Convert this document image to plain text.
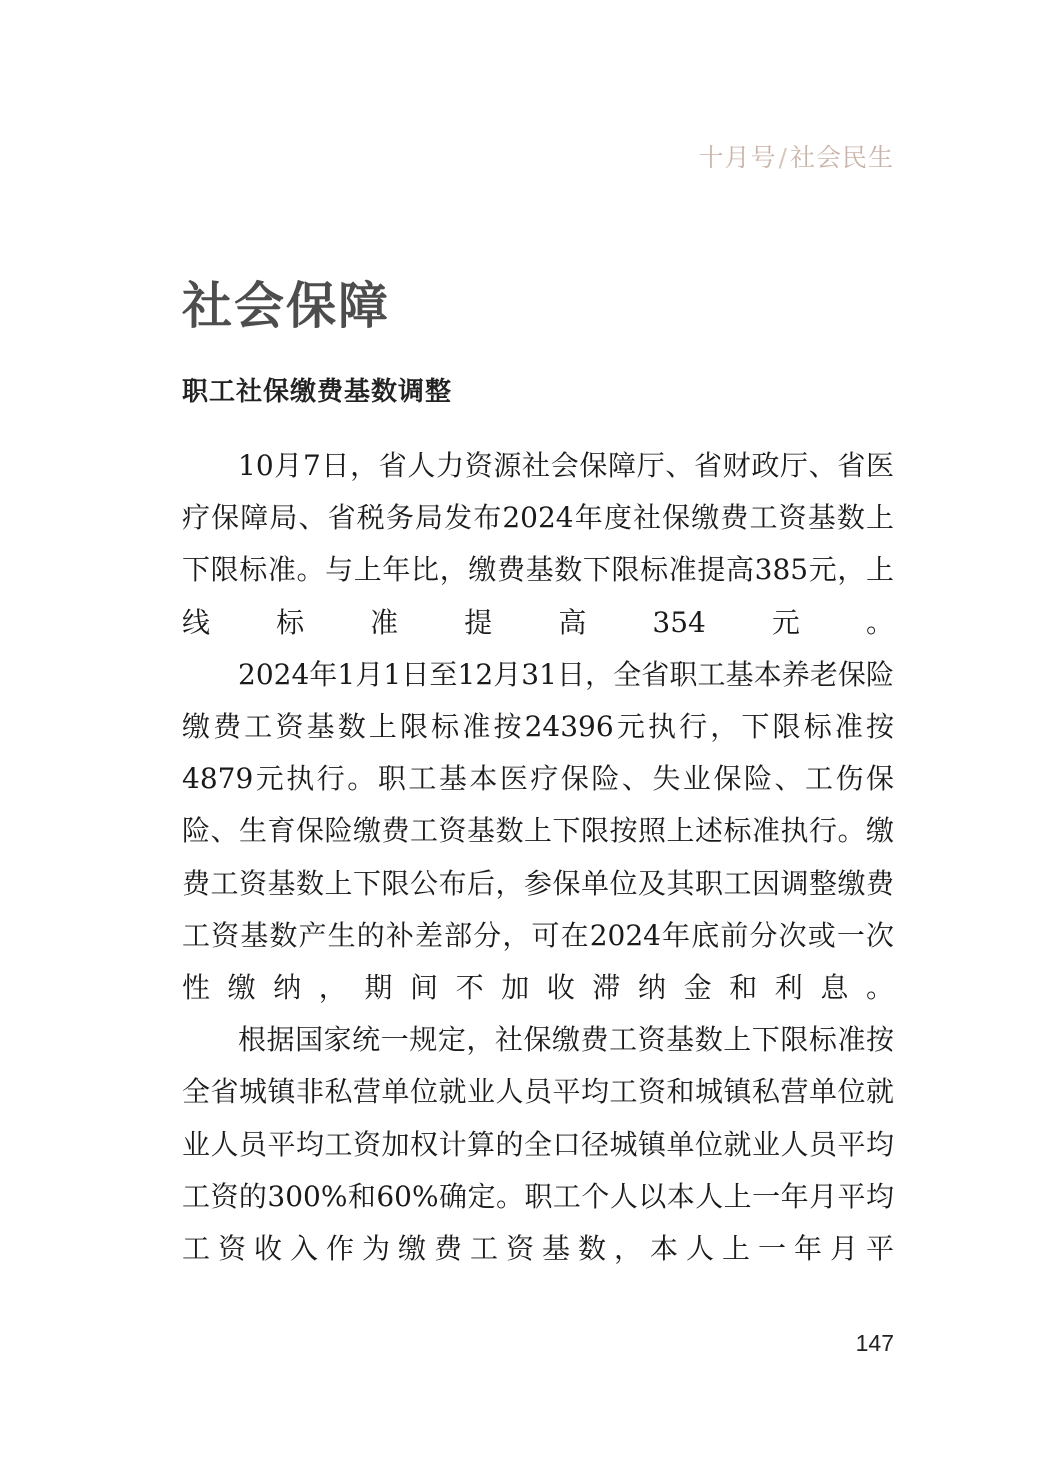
十月号/社会民生
社会保障
职工社保缴费基数调整

10月7日，省人力资源社会保障厅、省财政厅、省医疗保障局、省税务局发布2024年度社保缴费工资基数上下限标准。与上年比，缴费基数下限标准提高385元，上线标准提高354元。

2024年1月1日至12月31日，全省职工基本养老保险缴费工资基数上限标准按24396元执行，下限标准按4879元执行。职工基本医疗保险、失业保险、工伤保险、生育保险缴费工资基数上下限按照上述标准执行。缴费工资基数上下限公布后，参保单位及其职工因调整缴费工资基数产生的补差部分，可在2024年底前分次或一次性缴纳，期间不加收滞纳金和利息。

根据国家统一规定，社保缴费工资基数上下限标准按全省城镇非私营单位就业人员平均工资和城镇私营单位就业人员平均工资加权计算的全口径城镇单位就业人员平均工资的300%和60%确定。职工个人以本人上一年月平均工资收入作为缴费工资基数，本人上一年月平

147
